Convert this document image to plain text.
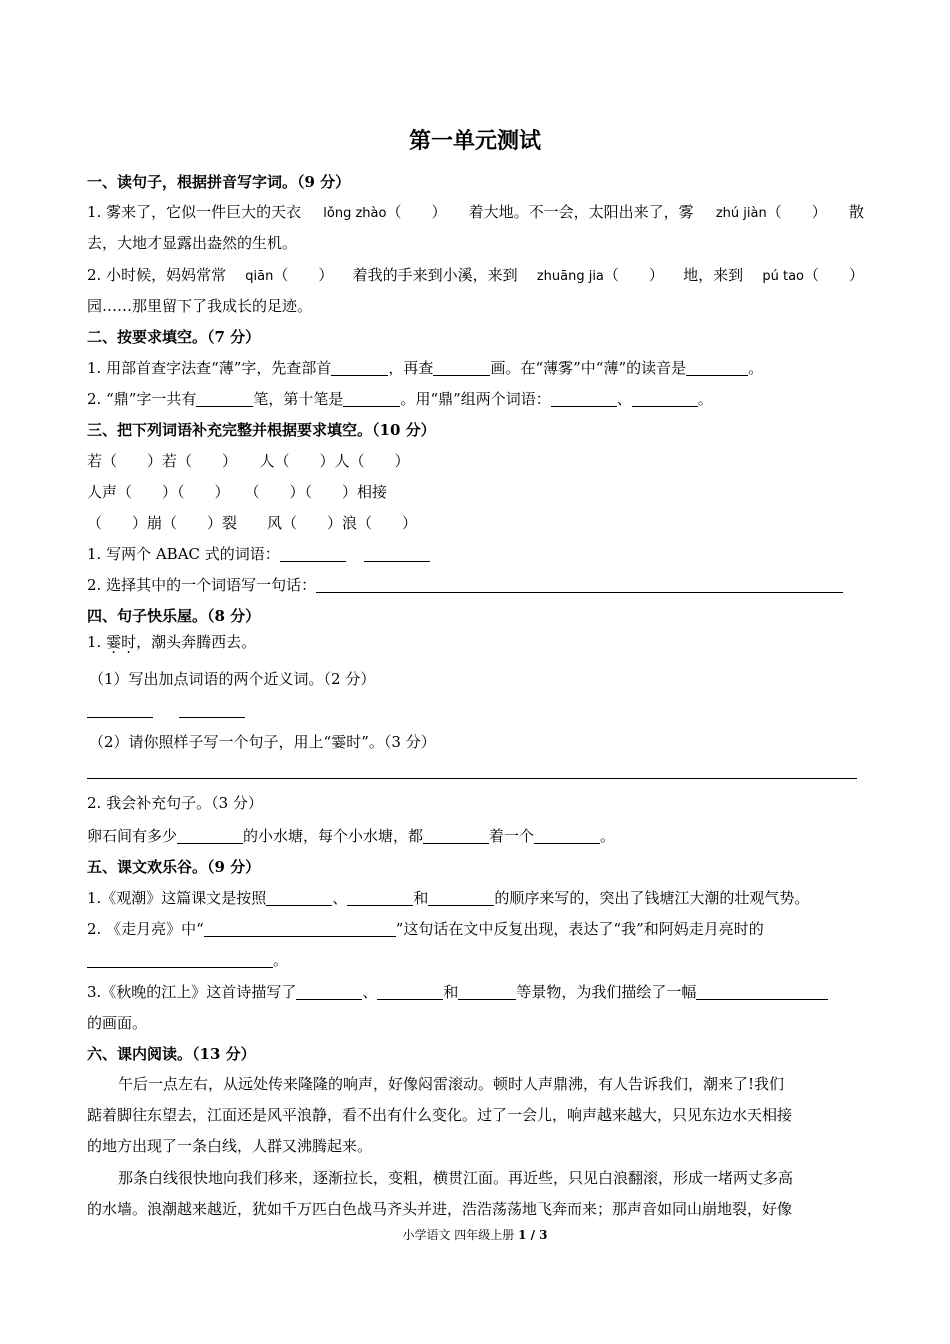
第一单元测试
一、读句子，根据拼音写字词。（9 分）
1. 雾来了，它似一件巨大的天衣 lǒng zhào（　　） 着大地。不一会，太阳出来了，雾 zhú jiàn（　　） 散
去，大地才显露出盎然的生机。
2. 小时候，妈妈常常 qiān（　　） 着我的手来到小溪，来到 zhuāng jia（　　） 地，来到 pú tao（　　）
园……那里留下了我成长的足迹。
二、按要求填空。（7 分）
1. 用部首查字法查“薄”字，先查部首	，再查	画。在“薄雾”中“薄”的读音是	。
2. “鼎”字一共有	笔，第十笔是	。用“鼎”组两个词语：	、	。
三、把下列词语补充完整并根据要求填空。（10 分）
若（　　）若（　　）　　人（　　）人（　　）
人声（　　）（　　）　　（　　）（　　）相接
（　　）崩（　　）裂　　风（　　）浪（　　）
1. 写两个 ABAC 式的词语：
2. 选择其中的一个词语写一句话：
四、句子快乐屋。（8 分）
1. 霎时，潮头奔腾西去。
（1）写出加点词语的两个近义词。（2 分）
（2）请你照样子写一个句子，用上“霎时”。（3 分）
2. 我会补充句子。（3 分）
卵石间有多少	的小水塘，每个小水塘，都	着一个	。
五、课文欢乐谷。（9 分）
1.《观潮》这篇课文是按照	、	和	的顺序来写的，突出了钱塘江大潮的壮观气势。
2. 《走月亮》中“	”这句话在文中反复出现，表达了“我”和阿妈走月亮时的
。
3.《秋晚的江上》这首诗描写了	、	和	等景物，为我们描绘了一幅
的画面。
六、课内阅读。（13 分）
午后一点左右，从远处传来隆隆的响声，好像闷雷滚动。顿时人声鼎沸，有人告诉我们，潮来了!我们
踮着脚往东望去，江面还是风平浪静，看不出有什么变化。过了一会儿，响声越来越大，只见东边水天相接
的地方出现了一条白线，人群又沸腾起来。
那条白线很快地向我们移来，逐渐拉长，变粗，横贯江面。再近些，只见白浪翻滚，形成一堵两丈多高
的水墙。浪潮越来越近，犹如千万匹白色战马齐头并进，浩浩荡荡地飞奔而来；那声音如同山崩地裂，好像
小学语文 四年级上册 1 / 3
